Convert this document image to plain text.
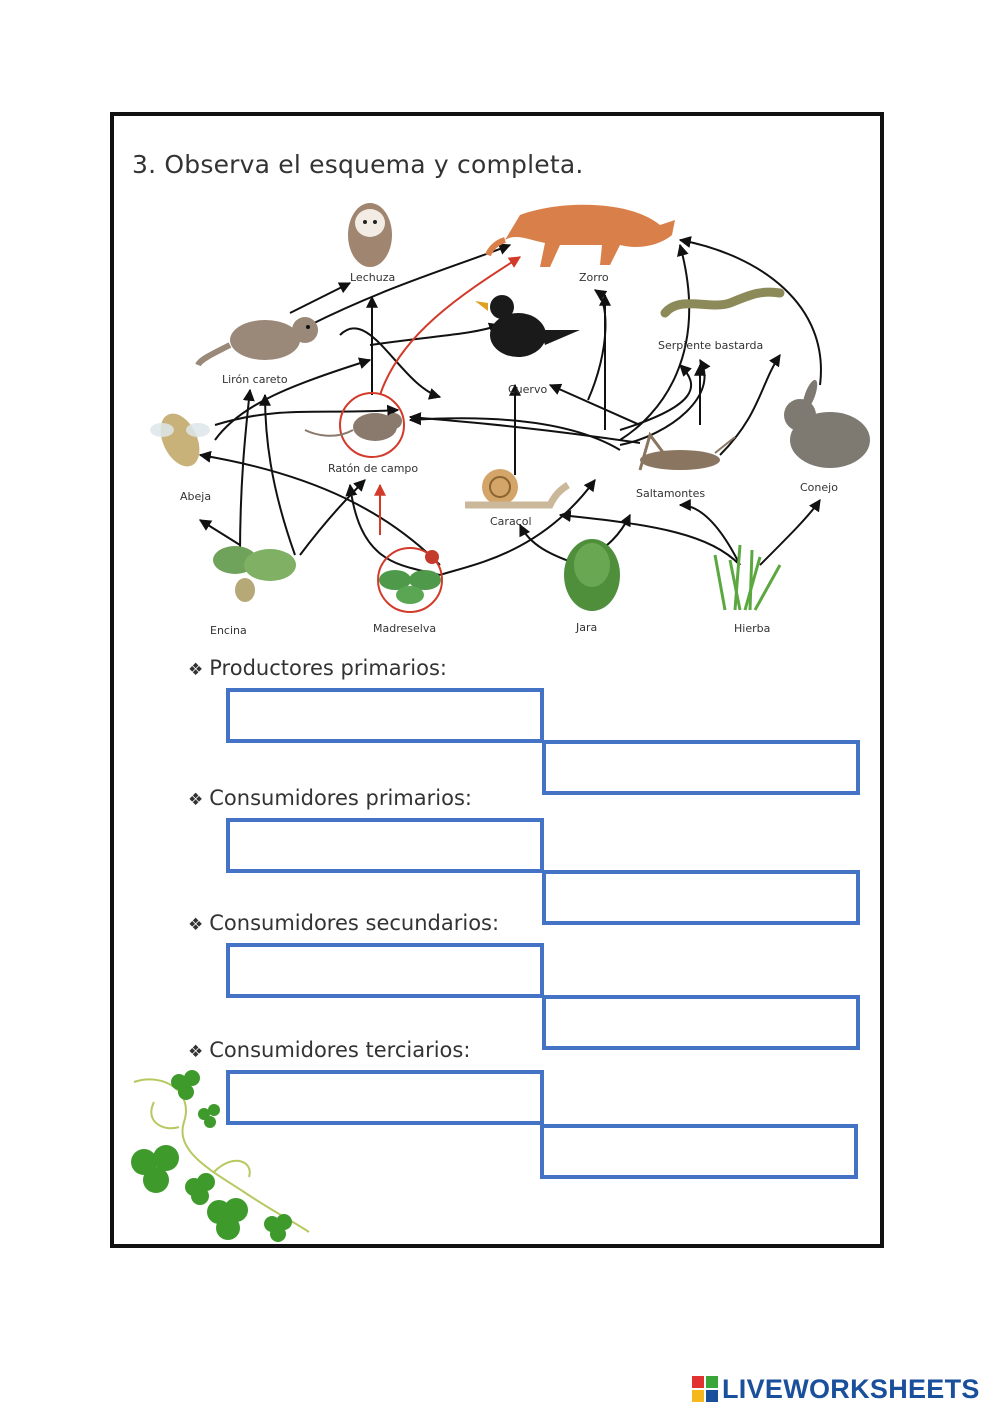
3. Observa el esquema y completa.
Lechuza	Zorro
Lirón careto
Cuervo
Serpiente bastarda
Ratón de campo
Abeja
Caracol
Saltamontes	Conejo
Encina	Madreselva	Jara	Hierba
❖ Productores primarios:
❖ Consumidores primarios:
❖ Consumidores secundarios:
❖ Consumidores terciarios:
LIVEWORKSHEETS
